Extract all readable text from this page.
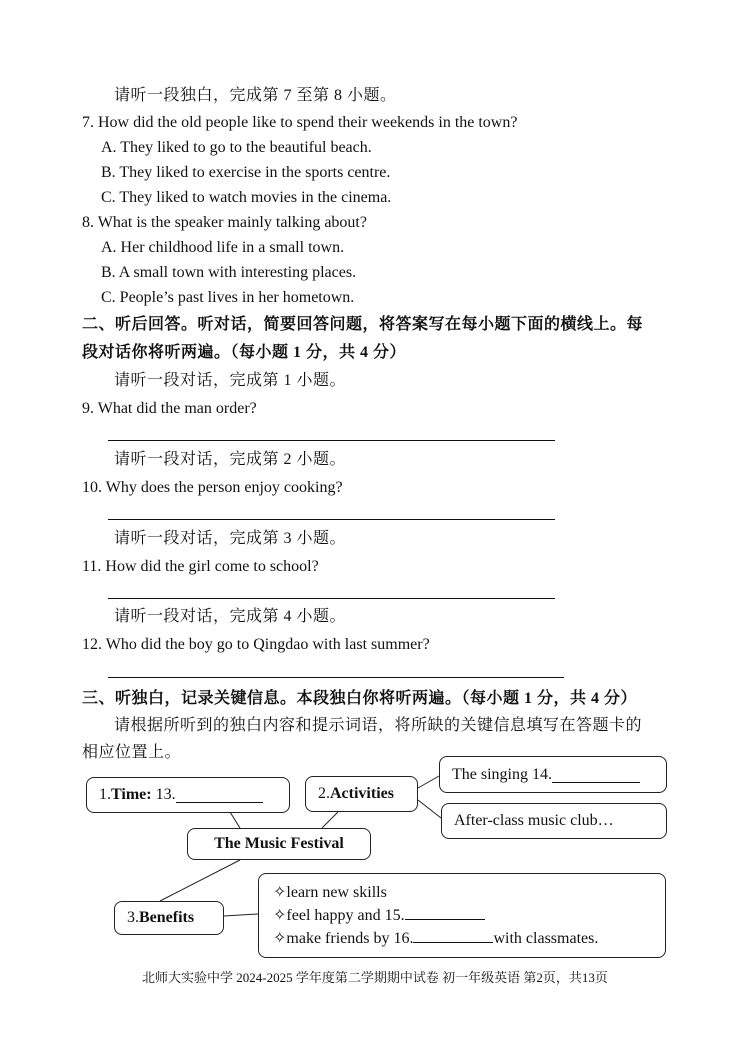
请听一段独白，完成第 7 至第 8 小题。
7. How did the old people like to spend their weekends in the town?
A. They liked to go to the beautiful beach.
B. They liked to exercise in the sports centre.
C. They liked to watch movies in the cinema.
8. What is the speaker mainly talking about?
A. Her childhood life in a small town.
B. A small town with interesting places.
C. People’s past lives in her hometown.
二、听后回答。听对话，简要回答问题，将答案写在每小题下面的横线上。每
段对话你将听两遍。（每小题 1 分，共 4 分）
请听一段对话，完成第 1 小题。
9. What did the man order?
请听一段对话，完成第 2 小题。
10. Why does the person enjoy cooking?
请听一段对话，完成第 3 小题。
11. How did the girl come to school?
请听一段对话，完成第 4 小题。
12. Who did the boy go to Qingdao with last summer?
三、听独白，记录关键信息。本段独白你将听两遍。（每小题 1 分，共 4 分）
请根据所听到的独白内容和提示词语，将所缺的关键信息填写在答题卡的
相应位置上。
1. Time:
13.	2. Activities
The singing 14.
After-class music club…
The Music Festival
3. Benefits
✧learn new skills
✧feel happy and 15.
✧make friends by 16.	with classmates.
北师大实验中学 2024-2025 学年度第二学期期中试卷 初一年级英语 第2页，共13页
